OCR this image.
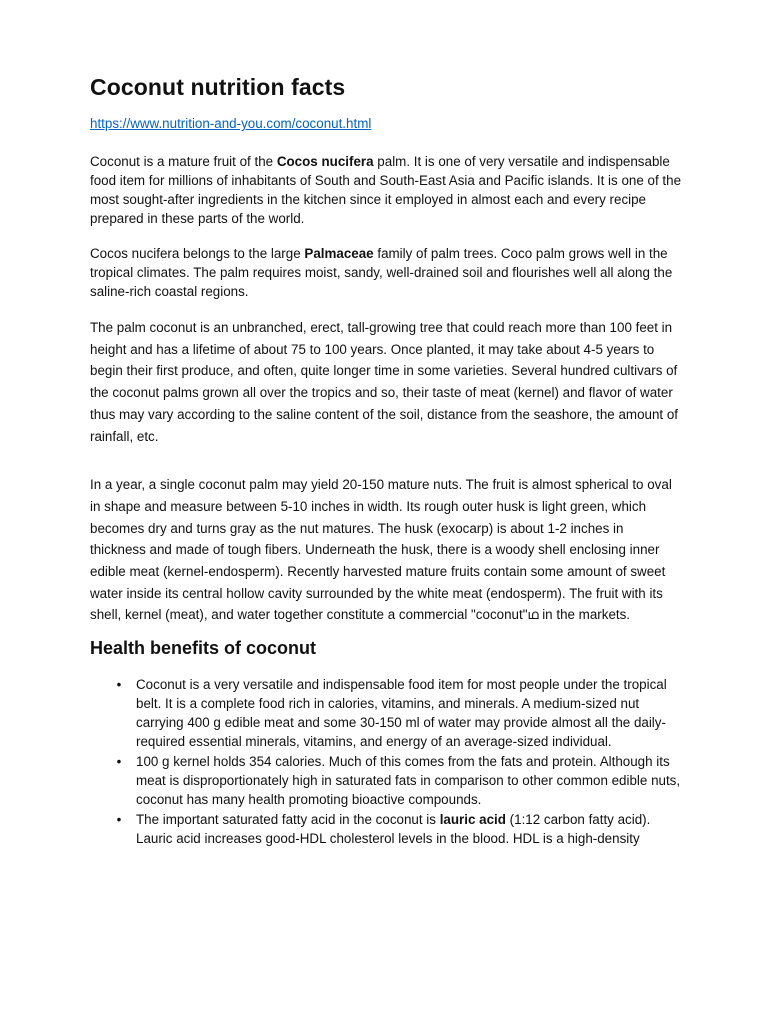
Coconut nutrition facts
https://www.nutrition-and-you.com/coconut.html

Coconut is a mature fruit of the Cocos nucifera palm. It is one of very versatile and indispensable food item for millions of inhabitants of South and South-East Asia and Pacific islands. It is one of the most sought-after ingredients in the kitchen since it employed in almost each and every recipe prepared in these parts of the world.

Cocos nucifera belongs to the large Palmaceae family of palm trees. Coco palm grows well in the tropical climates. The palm requires moist, sandy, well-drained soil and flourishes well all along the saline-rich coastal regions.

The palm coconut is an unbranched, erect, tall-growing tree that could reach more than 100 feet in height and has a lifetime of about 75 to 100 years. Once planted, it may take about 4-5 years to begin their first produce, and often, quite longer time in some varieties. Several hundred cultivars of the coconut palms grown all over the tropics and so, their taste of meat (kernel) and flavor of water thus may vary according to the saline content of the soil, distance from the seashore, the amount of rainfall, etc.

In a year, a single coconut palm may yield 20-150 mature nuts. The fruit is almost spherical to oval in shape and measure between 5-10 inches in width. Its rough outer husk is light green, which becomes dry and turns gray as the nut matures. The husk (exocarp) is about 1-2 inches in thickness and made of tough fibers. Underneath the husk, there is a woody shell enclosing inner edible meat (kernel-endosperm). Recently harvested mature fruits contain some amount of sweet water inside its central hollow cavity surrounded by the white meat (endosperm). The fruit with its shell, kernel (meat), and water together constitute a commercial "coconut"ഥ in the markets.

Health benefits of coconut
• Coconut is a very versatile and indispensable food item for most people under the tropical belt. It is a complete food rich in calories, vitamins, and minerals. A medium-sized nut carrying 400 g edible meat and some 30-150 ml of water may provide almost all the daily-required essential minerals, vitamins, and energy of an average-sized individual.
• 100 g kernel holds 354 calories. Much of this comes from the fats and protein. Although its meat is disproportionately high in saturated fats in comparison to other common edible nuts, coconut has many health promoting bioactive compounds.
• The important saturated fatty acid in the coconut is lauric acid (1:12 carbon fatty acid). Lauric acid increases good-HDL cholesterol levels in the blood. HDL is a high-density
